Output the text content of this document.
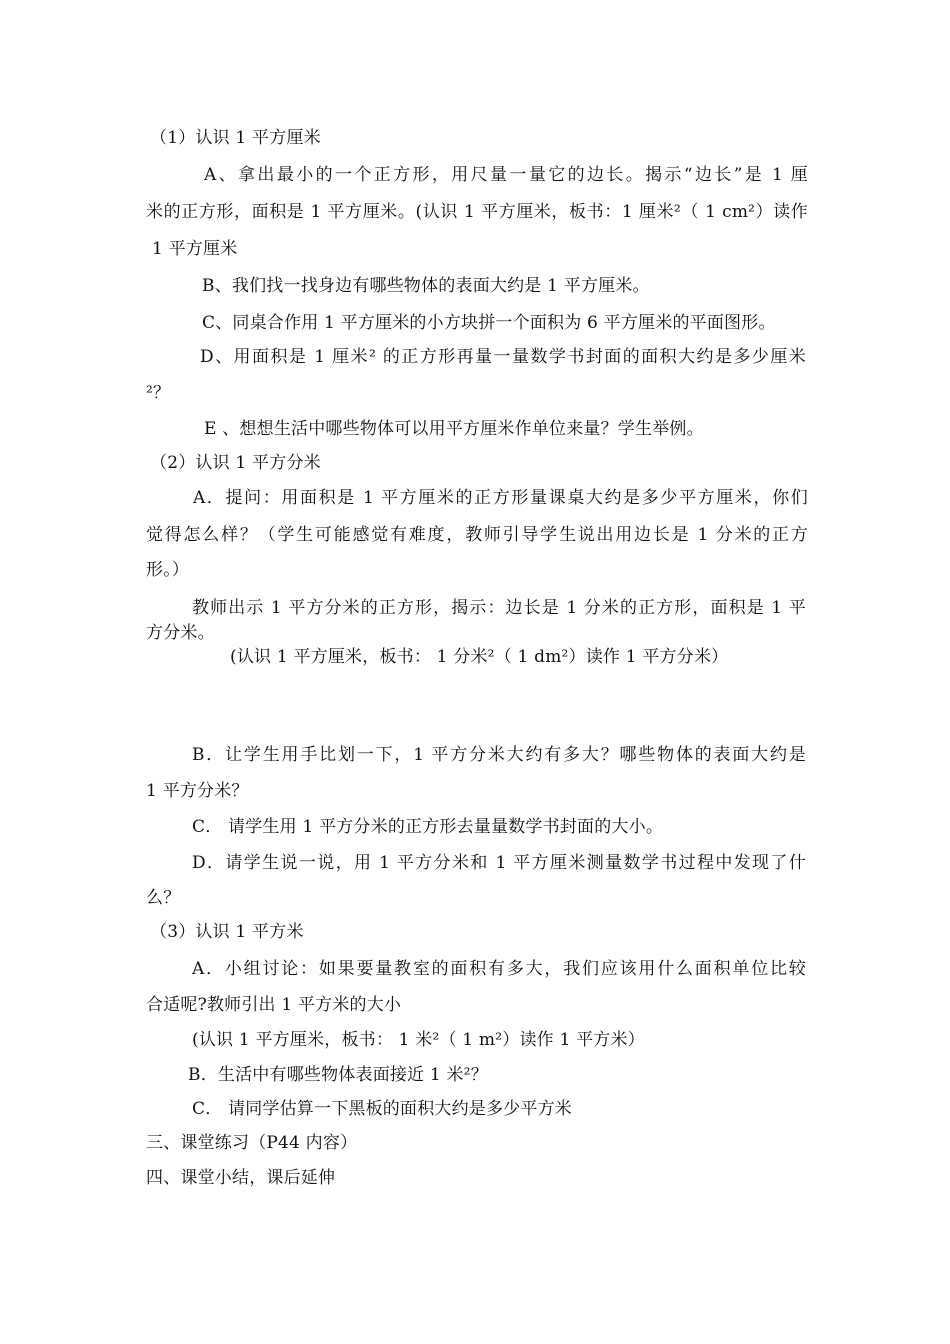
（1）认识 1 平方厘米
A、拿出最小的一个正方形，用尺量一量它的边长。揭示“边长”是 1 厘
米的正方形，面积是 1 平方厘米。(认识 1 平方厘米，板书：1 厘米²（ 1 cm²）读作
1 平方厘米
B、我们找一找身边有哪些物体的表面大约是 1 平方厘米。
C、同桌合作用 1 平方厘米的小方块拼一个面积为 6 平方厘米的平面图形。
D、用面积是 1 厘米² 的正方形再量一量数学书封面的面积大约是多少厘米
²？
E 、想想生活中哪些物体可以用平方厘米作单位来量？学生举例。
（2）认识 1 平方分米
A．提问：用面积是 1 平方厘米的正方形量课桌大约是多少平方厘米，你们
觉得怎么样？（学生可能感觉有难度，教师引导学生说出用边长是 1 分米的正方
形。）
教师出示 1 平方分米的正方形，揭示：边长是 1 分米的正方形，面积是 1 平
方分米。
(认识 1 平方厘米，板书： 1 分米²（ 1 dm²）读作 1 平方分米）
B．让学生用手比划一下，1 平方分米大约有多大？哪些物体的表面大约是
1 平方分米？
C． 请学生用 1 平方分米的正方形去量量数学书封面的大小。
D．请学生说一说，用 1 平方分米和 1 平方厘米测量数学书过程中发现了什
么？
（3）认识 1 平方米
A．小组讨论：如果要量教室的面积有多大，我们应该用什么面积单位比较
合适呢?教师引出 1 平方米的大小
(认识 1 平方厘米，板书： 1 米²（ 1 m²）读作 1 平方米）
B．生活中有哪些物体表面接近 1 米²？
C． 请同学估算一下黑板的面积大约是多少平方米
三、课堂练习（P44 内容）
四、课堂小结，课后延伸
